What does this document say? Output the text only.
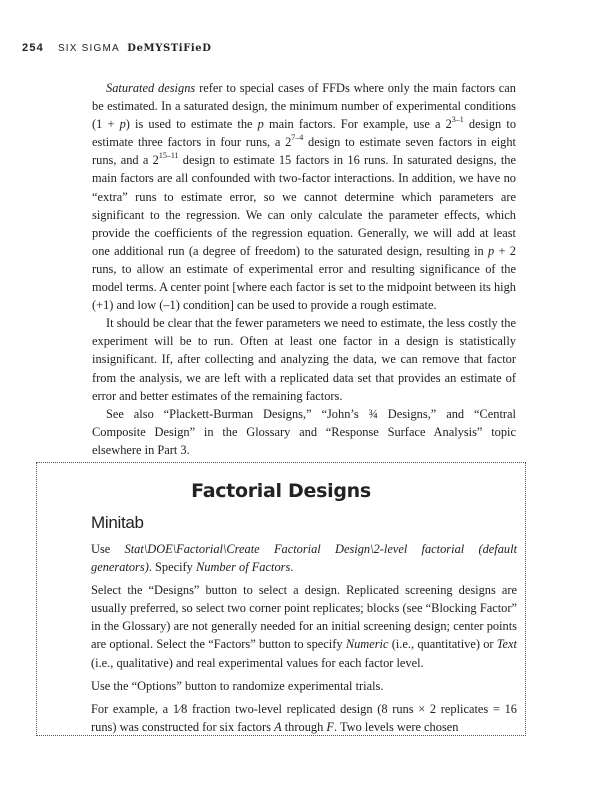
254 SIX SIGMA DeMYSTiFieD

Saturated designs refer to special cases of FFDs where only the main factors can be estimated. In a saturated design, the minimum number of experimental conditions (1 + p) is used to estimate the p main factors. For example, use a 2$^{3-1}$ design to estimate three factors in four runs, a 2$^{7-4}$ design to estimate seven factors in eight runs, and a 2$^{15-11}$ design to estimate 15 factors in 16 runs. In saturated designs, the main factors are all confounded with two-factor interactions. In addition, we have no “extra” runs to estimate error, so we cannot determine which parameters are significant to the regression. We can only calculate the parameter effects, which provide the coefficients of the regression equation. Generally, we will add at least one additional run (a degree of freedom) to the saturated design, resulting in p + 2 runs, to allow an estimate of experimental error and resulting significance of the model terms. A center point [where each factor is set to the midpoint between its high (+1) and low (–1) condition] can be used to provide a rough estimate.

It should be clear that the fewer parameters we need to estimate, the less costly the experiment will be to run. Often at least one factor in a design is statistically insignificant. If, after collecting and analyzing the data, we can remove that factor from the analysis, we are left with a replicated data set that provides an estimate of error and better estimates of the remaining factors.

See also “Plackett-Burman Designs,” “John’s ¾ Designs,” and “Central Composite Design” in the Glossary and “Response Surface Analysis” topic elsewhere in Part 3.

Factorial Designs
Minitab

Use Stat\DOE\Factorial\Create Factorial Design\2-level factorial (default generators). Specify Number of Factors.

Select the “Designs” button to select a design. Replicated screening designs are usually preferred, so select two corner point replicates; blocks (see “Blocking Factor” in the Glossary) are not generally needed for an initial screening design; center points are optional. Select the “Factors” button to specify Numeric (i.e., quantitative) or Text (i.e., qualitative) and real experimental values for each factor level.

Use the “Options” button to randomize experimental trials.

For example, a 1⁄8 fraction two-level replicated design (8 runs × 2 replicates = 16 runs) was constructed for six factors A through F. Two levels were chosen
